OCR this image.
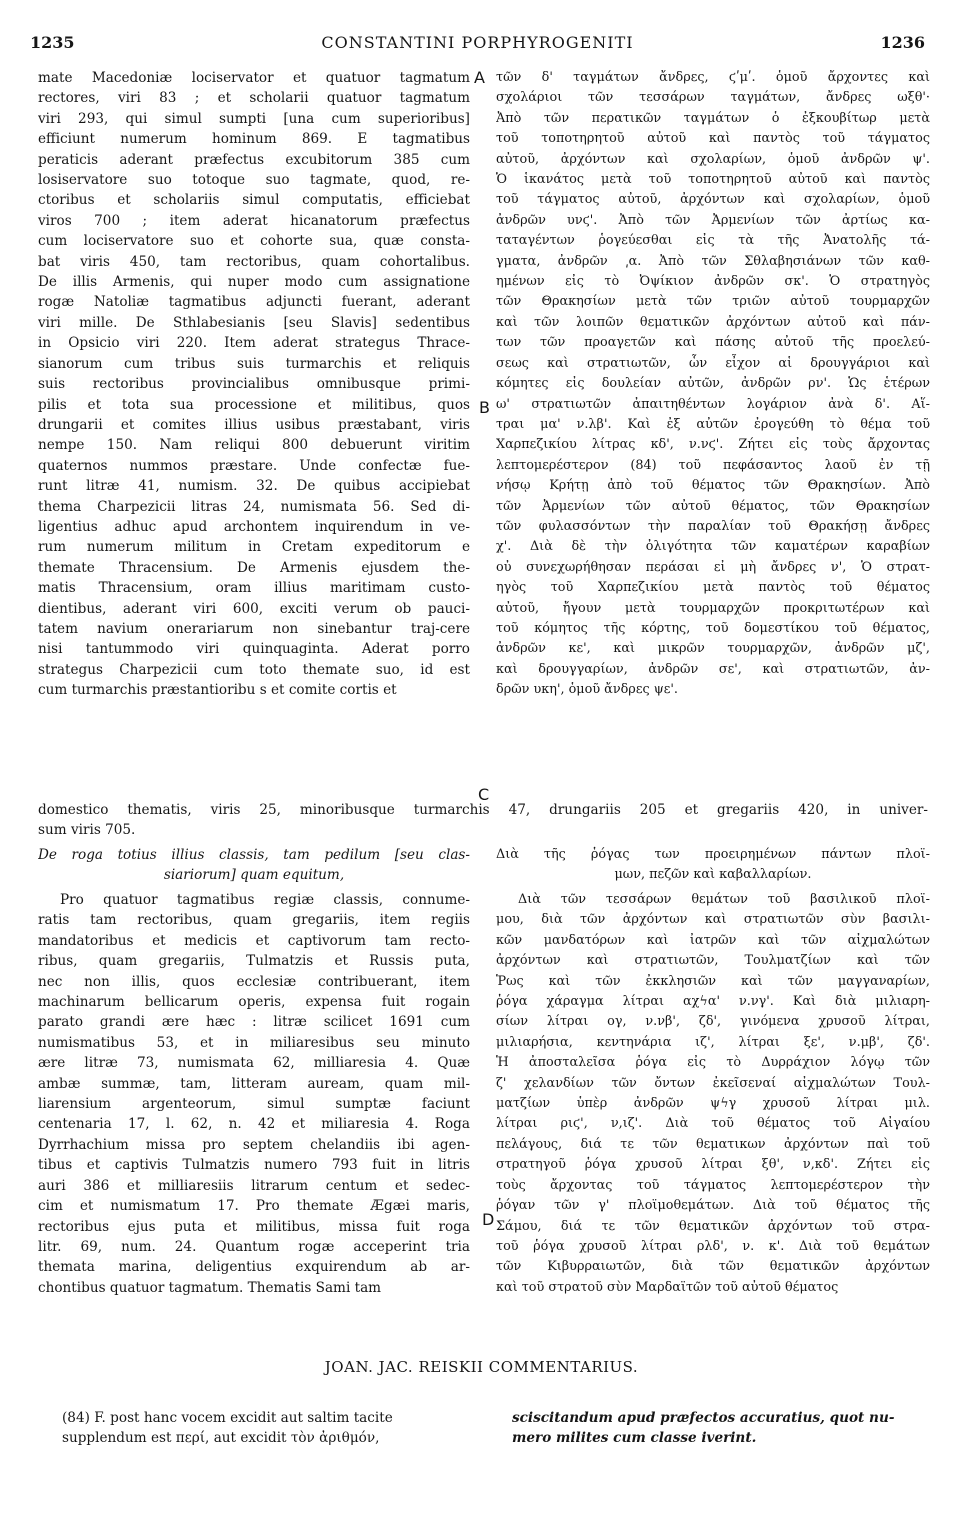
1235	CONSTANTINI PORPHYROGENITI	1236
A
B
C
D
mate Macedoniæ lociservator et quatuor tagmatum
rectores, viri 83 ; et scholarii quatuor tagmatum
viri 293, qui simul sumpti [una cum superioribus]
efficiunt numerum hominum 869. E tagmatibus
peraticis aderant præfectus excubitorum 385 cum
losiservatore suo totoque suo tagmate, quod, re-
ctoribus et scholariis simul computatis, efficiebat
viros 700 ; item aderat hicanatorum præfectus
cum lociservatore suo et cohorte sua, quæ consta-
bat viris 450, tam rectoribus, quam cohortalibus.
De illis Armenis, qui nuper modo cum assignatione
rogæ Natoliæ tagmatibus adjuncti fuerant, aderant
viri mille. De Sthlabesianis [seu Slavis] sedentibus
in Opsicio viri 220. Item aderat strategus Thrace-
sianorum cum tribus suis turmarchis et reliquis
suis rectoribus provincialibus omnibusque primi-
pilis et tota sua processione et militibus, quos
drungarii et comites illius usibus præstabant, viris
nempe 150. Nam reliqui 800 debuerunt viritim
quaternos nummos præstare. Unde confectæ fue-
runt litræ 41, numism. 32. De quibus accipiebat
thema Charpezicii litras 24, numismata 56. Sed di-
ligentius adhuc apud archontem inquirendum in ve-
rum numerum militum in Cretam expeditorum e
themate Thracensium. De Armenis ejusdem the-
matis Thracensium, oram illius maritimam custo-
dientibus, aderant viri 600, exciti verum ob pauci-
tatem navium onerariarum non sinebantur traj-cere
nisi tantummodo viri quinquaginta. Aderat porro
strategus Charpezicii cum toto themate suo, id est
cum turmarchis præstantioribu s et comite cortis et
τῶν δ' ταγμάτων ἄνδρες, ϛʹμʹ. ὁμοῦ ἄρχοντες καὶ
σχολάριοι τῶν τεσσάρων ταγμάτων, ἄνδρες ωξθ'·
Ἀπὸ τῶν περατικῶν ταγμάτων ὁ ἐξκουβίτωρ μετὰ
τοῦ τοποτηρητοῦ αὐτοῦ καὶ παντὸς τοῦ τάγματος
αὐτοῦ, ἀρχόντων καὶ σχολαρίων, ὁμοῦ ἀνδρῶν ψ'.
Ὁ ἱκανάτος μετὰ τοῦ τοποτηρητοῦ αὐτοῦ καὶ παντὸς
τοῦ τάγματος αὐτοῦ, ἀρχόντων καὶ σχολαρίων, ὁμοῦ
ἀνδρῶν υνϛ'. Ἀπὸ τῶν Ἀρμενίων τῶν ἀρτίως κα-
ταταγέντων ῥογεύεσθαι εἰς τὰ τῆς Ἀνατολῆς τά-
γματα, ἀνδρῶν ͵α. Ἀπὸ τῶν Σθλαβησιάνων τῶν καθ-
ημένων εἰς τὸ Ὀψίκιον ἀνδρῶν σκ'. Ὁ στρατηγὸς
τῶν Θρακησίων μετὰ τῶν τριῶν αὐτοῦ τουρμαρχῶν
καὶ τῶν λοιπῶν θεματικῶν ἀρχόντων αὐτοῦ καὶ πάν-
των τῶν προαγετῶν καὶ πάσης αὐτοῦ τῆς προελεύ-
σεως καὶ στρατιωτῶν, ὧν εἶχον αἱ δρουγγάριοι καὶ
κόμητες εἰς δουλείαν αὐτῶν, ἀνδρῶν ρν'. Ὡς ἑτέρων
ω' στρατιωτῶν ἀπαιτηθέντων λογάριον ἀνὰ δ'. Αἵ-
τραι μα' ν.λβ'. Καὶ ἐξ αὐτῶν ἐρογεύθη τὸ θέμα τοῦ
Χαρπεζικίου λίτρας κδ', ν.νϛ'. Ζήτει εἰς τοὺς ἄρχοντας
λεπτομερέστερον (84) τοῦ πεφάσαντος λαοῦ ἐν τῇ
νήσῳ Κρήτῃ ἀπὸ τοῦ θέματος τῶν Θρακησίων. Ἀπὸ
τῶν Ἀρμενίων τῶν αὐτοῦ θέματος, τῶν Θρακησίων
τῶν φυλασσόντων τὴν παραλίαν τοῦ Θρακήσῃ ἄνδρες
χ'. Διὰ δὲ τὴν ὀλιγότητα τῶν καματέρων καραβίων
οὐ συνεχωρήθησαν περάσαι εἰ μὴ ἄνδρες ν', Ὁ στρατ-
ηγὸς τοῦ Χαρπεζικίου μετὰ παντὸς τοῦ θέματος
αὐτοῦ, ἤγουν μετὰ τουρμαρχῶν προκριτωτέρων καὶ
τοῦ κόμητος τῆς κόρτης, τοῦ δομεστίκου τοῦ θέματος,
ἀνδρῶν κε', καὶ μικρῶν τουρμαρχῶν, ἀνδρῶν μζ',
καὶ δρουγγαρίων, ἀνδρῶν σε', καὶ στρατιωτῶν, ἀν-
δρῶν υκη', ὁμοῦ ἄνδρες ψε'.
domestico thematis, viris 25, minoribusque turmarchis 47, drungariis 205 et gregariis 420, in univer-
sum viris 705.
De roga totius illius classis, tam pedilum [seu clas-
siariorum] quam equitum,
Διὰ τῆς ῥόγας των προειρημένων πάντων πλοϊ-
μων, πεζῶν καὶ καβαλλαρίων.
Pro quatuor tagmatibus regiæ classis, connume-
ratis tam rectoribus, quam gregariis, item regiis
mandatoribus et medicis et captivorum tam recto-
ribus, quam gregariis, Tulmatzis et Russis puta,
nec non illis, quos ecclesiæ contribuerant, item
machinarum bellicarum operis, expensa fuit rogain
parato grandi ære hæc : litræ scilicet 1691 cum
numismatibus 53, et in miliaresibus seu minuto
ære litræ 73, numismata 62, milliaresia 4. Quæ
ambæ summæ, tam, litteram auream, quam mil-
liarensium argenteorum, simul sumptæ faciunt
centenaria 17, l. 62, n. 42 et miliaresia 4. Roga
Dyrrhachium missa pro septem chelandiis ibi agen-
tibus et captivis Tulmatzis numero 793 fuit in litris
auri 386 et milliaresiis litrarum centum et sedec-
cim et numismatum 17. Pro themate Ægæi maris,
rectoribus ejus puta et militibus, missa fuit roga
litr. 69, num. 24. Quantum rogæ acceperint tria
themata marina, deligentius exquirendum ab ar-
chontibus quatuor tagmatum. Thematis Sami tam
Διὰ τῶν τεσσάρων θεμάτων τοῦ βασιλικοῦ πλοϊ-
μου, διὰ τῶν ἀρχόντων καὶ στρατιωτῶν σὺν βασιλι-
κῶν μανδατόρων καὶ ἰατρῶν καὶ τῶν αἰχμαλώτων
ἀρχόντων καὶ στρατιωτῶν, Τουλματζίων καὶ τῶν
Ῥως καὶ τῶν ἐκκλησιῶν καὶ τῶν μαγγαναρίων,
ῥόγα χάραγμα λίτραι αχϟα' ν.νγ'. Καὶ διὰ μιλιαρη-
σίων λίτραι ογ, ν.νβ', ζδ', γινόμενα χρυσοῦ λίτραι,
μιλιαρήσια, κεντηνάρια ιζ', λίτραι ξε', ν.μβ', ζδ'.
Ἡ ἀποσταλεῖσα ῥόγα εἰς τὸ Δυρράχιον λόγῳ τῶν
ζ' χελανδίων τῶν ὄντων ἐκεῖσεναί αἰχμαλώτων Τουλ-
ματζίων ὑπὲρ ἀνδρῶν ψϟγ χρυσοῦ λίτραι μιλ.
λίτραι ριϛ', ν,ιζ'. Διὰ τοῦ θέματος τοῦ Αἰγαίου
πελάγους, διά τε τῶν θεματικων ἀρχόντων παὶ τοῦ
στρατηγοῦ ῥόγα χρυσοῦ λίτραι ξθ', ν,κδ'. Ζήτει εἰς
τοὺς ἄρχοντας τοῦ τάγματος λεπτομερέστερον τὴν
ῥόγαν τῶν γ' πλοϊμοθεμάτων. Διὰ τοῦ θέματος τῆς
Σάμου, διά τε τῶν θεματικῶν ἀρχόντων τοῦ στρα-
τοῦ ῥόγα χρυσοῦ λίτραι ρλδ', ν. κ'. Διὰ τοῦ θεμάτων
τῶν Κιβυρραιωτῶν, διὰ τῶν θεματικῶν ἀρχόντων
καὶ τοῦ στρατοῦ σὺν Μαρδαϊτῶν τοῦ αὐτοῦ θέματος
JOAN. JAC. REISKII COMMENTARIUS.
(84) F. post hanc vocem excidit aut saltim tacite
supplendum est περί, aut excidit τὸν ἀριθμόν,
sciscitandum apud præfectos accuratius, quot nu-
mero milites cum classe iverint.
